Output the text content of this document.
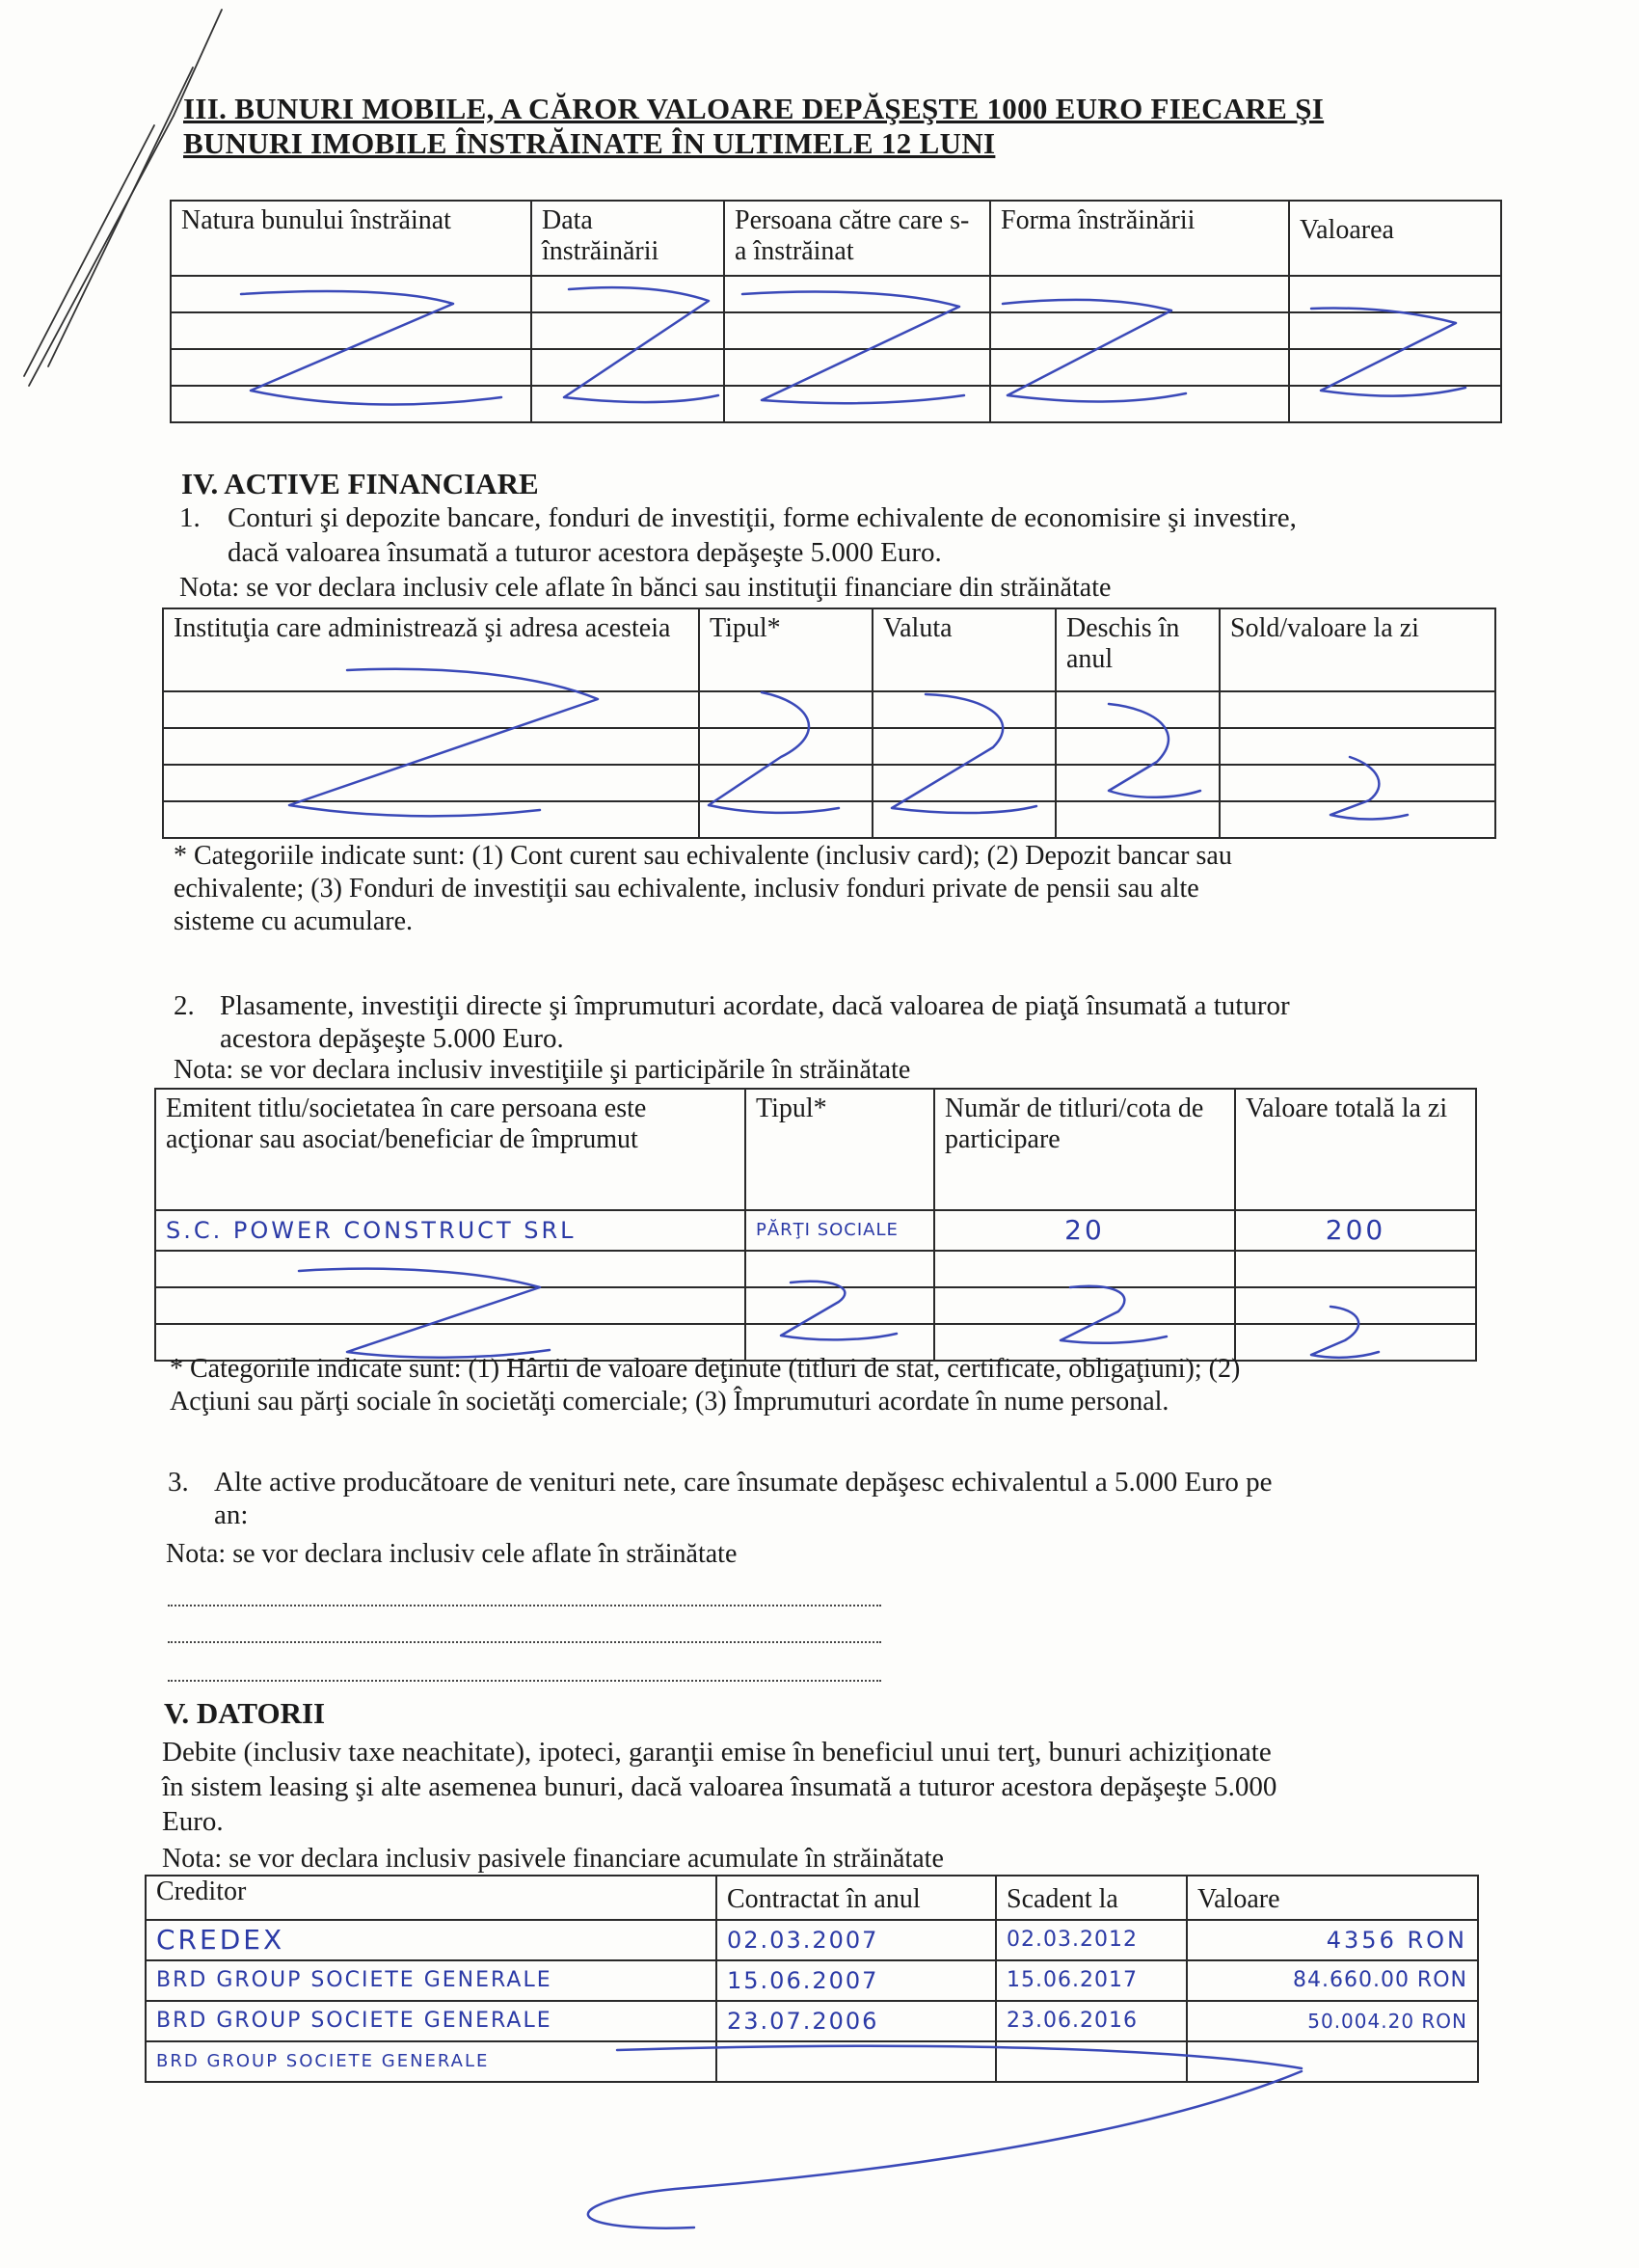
III. BUNURI MOBILE, A CĂROR VALOARE DEPĂŞEŞTE 1000 EURO FIECARE ŞI
BUNURI IMOBILE ÎNSTRĂINATE ÎN ULTIMELE 12 LUNI
Natura bunului înstrăinat	Data înstrăinării	Persoana către care s-a înstrăinat	Forma înstrăinării	Valoarea

IV. ACTIVE FINANCIARE
1. Conturi şi depozite bancare, fonduri de investiţii, forme echivalente de economisire şi investire,
dacă valoarea însumată a tuturor acestora depăşeşte 5.000 Euro.
Nota: se vor declara inclusiv cele aflate în bănci sau instituţii financiare din străinătate
Instituţia care administrează şi adresa acesteia	Tipul*	Valuta	Deschis în anul	Sold/valoare la zi

* Categoriile indicate sunt: (1) Cont curent sau echivalente (inclusiv card); (2) Depozit bancar sau
echivalente; (3) Fonduri de investiţii sau echivalente, inclusiv fonduri private de pensii sau alte
sisteme cu acumulare.
2. Plasamente, investiţii directe şi împrumuturi acordate, dacă valoarea de piaţă însumată a tuturor
acestora depăşeşte 5.000 Euro.
Nota: se vor declara inclusiv investiţiile şi participările în străinătate
Emitent titlu/societatea în care persoana este acţionar sau asociat/beneficiar de împrumut	Tipul*	Număr de titluri/cota de participare	Valoare totală la zi
S.C. POWER CONSTRUCT SRL	PĂRŢI SOCIALE	20	200

* Categoriile indicate sunt: (1) Hârtii de valoare deţinute (titluri de stat, certificate, obligaţiuni); (2)
Acţiuni sau părţi sociale în societăţi comerciale; (3) Împrumuturi acordate în nume personal.
3. Alte active producătoare de venituri nete, care însumate depăşesc echivalentul a 5.000 Euro pe
an:
Nota: se vor declara inclusiv cele aflate în străinătate
V. DATORII
Debite (inclusiv taxe neachitate), ipoteci, garanţii emise în beneficiul unui terţ, bunuri achiziţionate
în sistem leasing şi alte asemenea bunuri, dacă valoarea însumată a tuturor acestora depăşeşte 5.000
Euro.
Nota: se vor declara inclusiv pasivele financiare acumulate în străinătate
Creditor	Contractat în anul	Scadent la	Valoare
CREDEX	02.03.2007	02.03.2012	4356 RON
BRD GROUP SOCIETE GENERALE	15.06.2007	15.06.2017	84.660.00 RON
BRD GROUP SOCIETE GENERALE	23.07.2006	23.06.2016	50.004.20 RON
BRD GROUP SOCIETE GENERALE			
